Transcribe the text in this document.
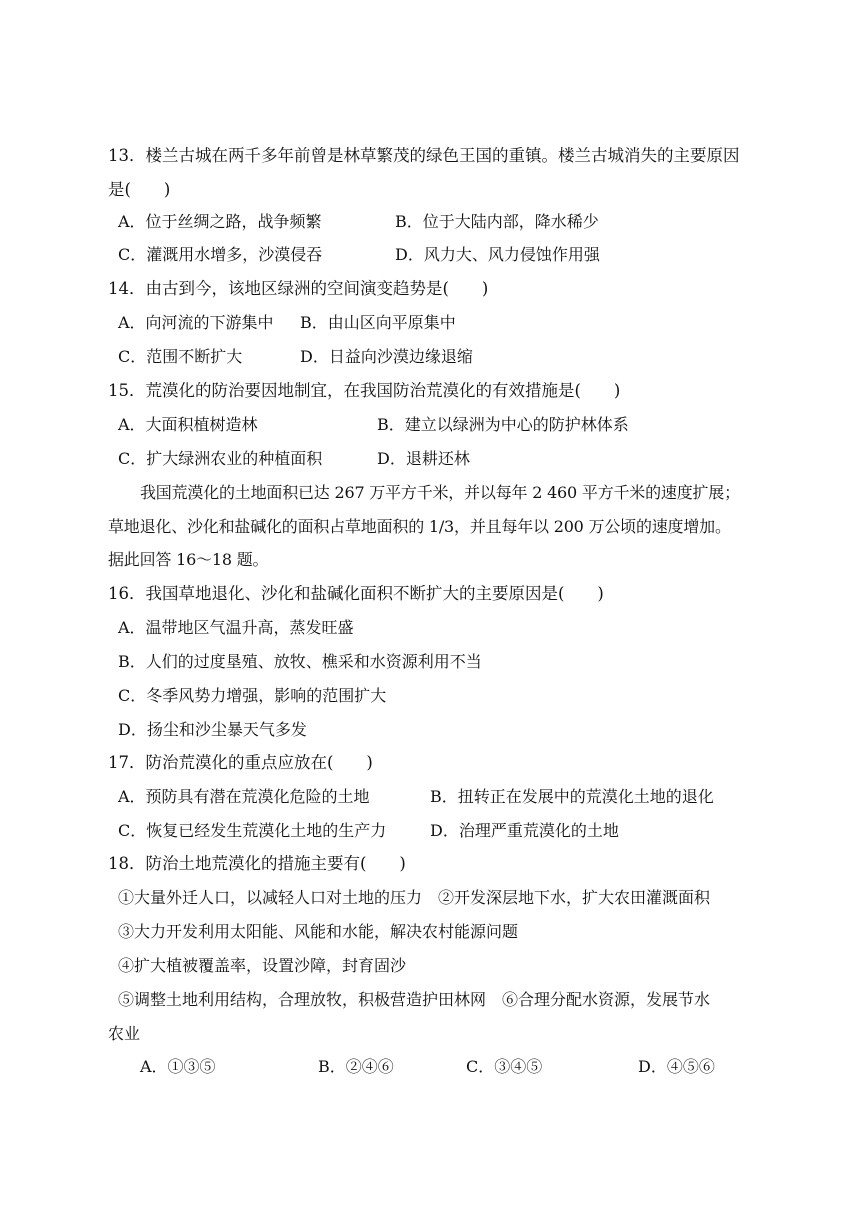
13．楼兰古城在两千多年前曾是林草繁茂的绿色王国的重镇。楼兰古城消失的主要原因
是(　　)
A．位于丝绸之路，战争频繁	B．位于大陆内部，降水稀少
C．灌溉用水增多，沙漠侵吞	D．风力大、风力侵蚀作用强
14．由古到今，该地区绿洲的空间演变趋势是(　　)
A．向河流的下游集中 B．由山区向平原集中
C．范围不断扩大	D．日益向沙漠边缘退缩
15．荒漠化的防治要因地制宜，在我国防治荒漠化的有效措施是(　　)
A．大面积植树造林	B．建立以绿洲为中心的防护林体系
C．扩大绿洲农业的种植面积	D．退耕还林
我国荒漠化的土地面积已达 267 万平方千米，并以每年 2 460 平方千米的速度扩展；
草地退化、沙化和盐碱化的面积占草地面积的 1/3，并且每年以 200 万公顷的速度增加。
据此回答 16～18 题。
16．我国草地退化、沙化和盐碱化面积不断扩大的主要原因是(　　)
A．温带地区气温升高，蒸发旺盛
B．人们的过度垦殖、放牧、樵采和水资源利用不当
C．冬季风势力增强，影响的范围扩大
D．扬尘和沙尘暴天气多发
17．防治荒漠化的重点应放在(　　)
A．预防具有潜在荒漠化危险的土地	B．扭转正在发展中的荒漠化土地的退化
C．恢复已经发生荒漠化土地的生产力	D．治理严重荒漠化的土地
18．防治土地荒漠化的措施主要有(　　)
①大量外迁人口，以减轻人口对土地的压力　②开发深层地下水，扩大农田灌溉面积
③大力开发利用太阳能、风能和水能，解决农村能源问题
④扩大植被覆盖率，设置沙障，封育固沙
⑤调整土地利用结构，合理放牧，积极营造护田林网　⑥合理分配水资源，发展节水
农业
A．①③⑤	B．②④⑥	C．③④⑤	D．④⑤⑥
